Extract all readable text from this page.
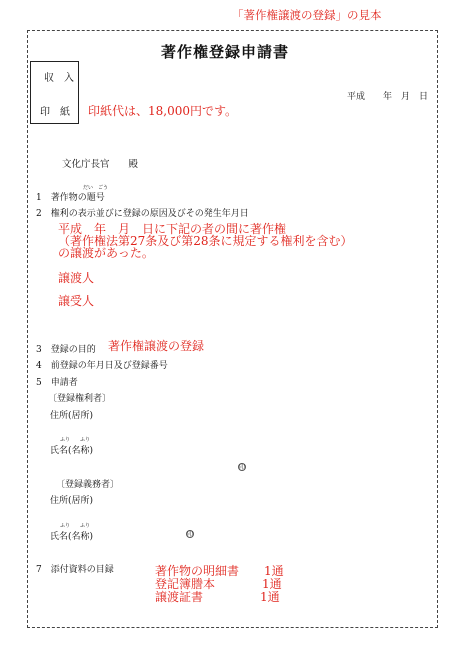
「著作権譲渡の登録」の見本
著作権登録申請書
収　入
印　紙 印紙代は、18,000円です。
平成　　年　月　日
文化庁長官　　殿
だい　ごう
1　著作物の題号
2　権利の表示並びに登録の原因及びその発生年月日
平成　年　月　日に下記の者の間に著作権
（著作権法第27条及び第28条に規定する権利を含む）
の譲渡があった。
譲渡人
譲受人
3　登録の目的 著作権譲渡の登録
4　前登録の年月日及び登録番号
5　申請者
〔登録権利者〕
住所(居所)
ふり　　ふり
氏名(名称)
印
〔登録義務者〕
住所(居所)
ふり　　ふり
氏名(名称)	印
7　添付資料の目録	著作物の明細書 1通
登記簿謄本	1通
譲渡証書	1通
